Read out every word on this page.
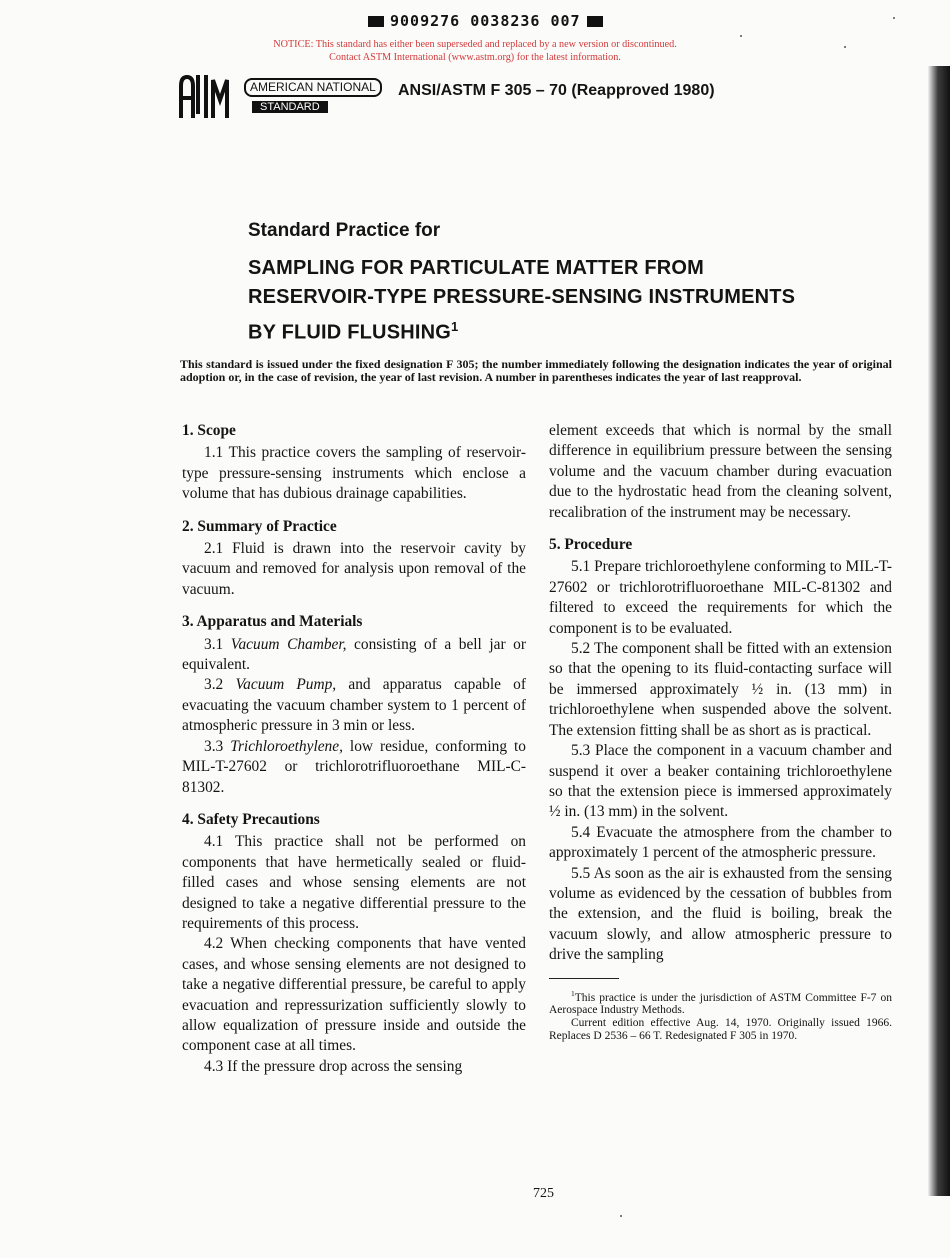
9009276 0038236 007
NOTICE: This standard has either been superseded and replaced by a new version or discontinued.
Contact ASTM International (www.astm.org) for the latest information.
AMERICAN NATIONAL
STANDARD
ANSI/ASTM F 305 – 70 (Reapproved 1980)
Standard Practice for
SAMPLING FOR PARTICULATE MATTER FROM
RESERVOIR-TYPE PRESSURE-SENSING INSTRUMENTS
BY FLUID FLUSHING$^1$
This standard is issued under the fixed designation F 305; the number immediately following the designation indicates the year of original adoption or, in the case of revision, the year of last revision. A number in parentheses indicates the year of last reapproval.
1. Scope

1.1 This practice covers the sampling of reservoir-type pressure-sensing instruments which enclose a volume that has dubious drainage capabilities.

2. Summary of Practice

2.1 Fluid is drawn into the reservoir cavity by vacuum and removed for analysis upon removal of the vacuum.

3. Apparatus and Materials

3.1 Vacuum Chamber, consisting of a bell jar or equivalent.

3.2 Vacuum Pump, and apparatus capable of evacuating the vacuum chamber system to 1 percent of atmospheric pressure in 3 min or less.

3.3 Trichloroethylene, low residue, conforming to MIL-T-27602 or trichlorotrifluoroethane MIL-C-81302.

4. Safety Precautions

4.1 This practice shall not be performed on components that have hermetically sealed or fluid-filled cases and whose sensing elements are not designed to take a negative differential pressure to the requirements of this process.

4.2 When checking components that have vented cases, and whose sensing elements are not designed to take a negative differential pressure, be careful to apply evacuation and repressurization sufficiently slowly to allow equalization of pressure inside and outside the component case at all times.

4.3 If the pressure drop across the sensing

element exceeds that which is normal by the small difference in equilibrium pressure between the sensing volume and the vacuum chamber during evacuation due to the hydrostatic head from the cleaning solvent, recalibration of the instrument may be necessary.

5. Procedure

5.1 Prepare trichloroethylene conforming to MIL-T-27602 or trichlorotrifluoroethane MIL-C-81302 and filtered to exceed the requirements for which the component is to be evaluated.

5.2 The component shall be fitted with an extension so that the opening to its fluid-contacting surface will be immersed approximately ½ in. (13 mm) in trichloroethylene when suspended above the solvent. The extension fitting shall be as short as is practical.

5.3 Place the component in a vacuum chamber and suspend it over a beaker containing trichloroethylene so that the extension piece is immersed approximately ½ in. (13 mm) in the solvent.

5.4 Evacuate the atmosphere from the chamber to approximately 1 percent of the atmospheric pressure.

5.5 As soon as the air is exhausted from the sensing volume as evidenced by the cessation of bubbles from the extension, and the fluid is boiling, break the vacuum slowly, and allow atmospheric pressure to drive the sampling

$^1$This practice is under the jurisdiction of ASTM Committee F-7 on Aerospace Industry Methods.

Current edition effective Aug. 14, 1970. Originally issued 1966. Replaces D 2536 – 66 T. Redesignated F 305 in 1970.

725
